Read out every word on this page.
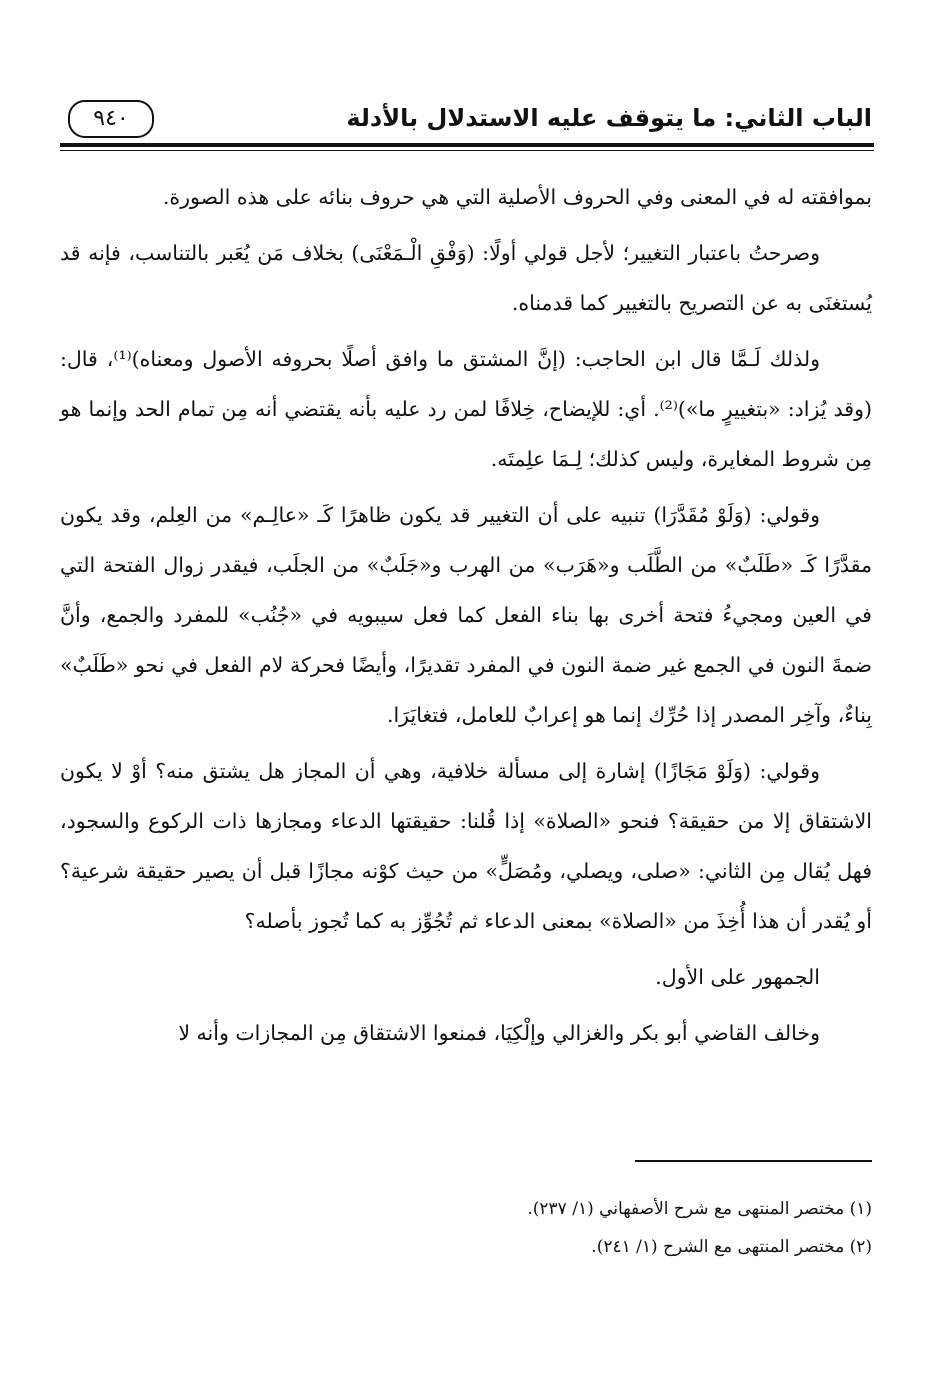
الباب الثاني: ما يتوقف عليه الاستدلال بالأدلة
٩٤٠

بموافقته له في المعنى وفي الحروف الأصلية التي هي حروف بنائه على هذه الصورة.

وصرحتُ باعتبار التغيير؛ لأجل قولي أولًا: (وَفْقِ الْـمَعْنَى) بخلاف مَن يُعَبر بالتناسب، فإنه قد يُستغنَى به عن التصريح بالتغيير كما قدمناه.

ولذلك لَـمَّا قال ابن الحاجب: (إنَّ المشتق ما وافق أصلًا بحروفه الأصول ومعناه)⁽¹⁾، قال: (وقد يُزاد: «بتغييرٍ ما»)⁽²⁾. أي: للإيضاح، خِلافًا لمن رد عليه بأنه يقتضي أنه مِن تمام الحد وإنما هو مِن شروط المغايرة، وليس كذلك؛ لِـمَا علِمتَه.

وقولي: (وَلَوْ مُقَدَّرَا) تنبيه على أن التغيير قد يكون ظاهرًا كَـ «عالِـم» من العِلم، وقد يكون مقدَّرًا كَـ «طَلَبٌ» من الطَّلَب و«هَرَب» من الهرب و«جَلَبٌ» من الجلَب، فيقدر زوال الفتحة التي في العين ومجيءُ فتحة أخرى بها بناء الفعل كما فعل سيبويه في «جُنُب» للمفرد والجمع، وأنَّ ضمةَ النون في الجمع غير ضمة النون في المفرد تقديرًا، وأيضًا فحركة لام الفعل في نحو «طَلَبٌ» بِناءٌ، وآخِر المصدر إذا حُرِّك إنما هو إعرابٌ للعامل، فتغايَرَا.

وقولي: (وَلَوْ مَجَازًا) إشارة إلى مسألة خلافية، وهي أن المجاز هل يشتق منه؟ أوْ لا يكون الاشتقاق إلا من حقيقة؟ فنحو «الصلاة» إذا قُلنا: حقيقتها الدعاء ومجازها ذات الركوع والسجود، فهل يُقال مِن الثاني: «صلى، ويصلي، ومُصَلٍّ» من حيث كوْنه مجازًا قبل أن يصير حقيقة شرعية؟ أو يُقدر أن هذا أُخِذَ من «الصلاة» بمعنى الدعاء ثم تُجُوِّز به كما تُجوز بأصله؟

الجمهور على الأول.

وخالف القاضي أبو بكر والغزالي وإلْكِيَا، فمنعوا الاشتقاق مِن المجازات وأنه لا

(١) مختصر المنتهى مع شرح الأصفهاني (١/ ٢٣٧).
(٢) مختصر المنتهى مع الشرح (١/ ٢٤١).
